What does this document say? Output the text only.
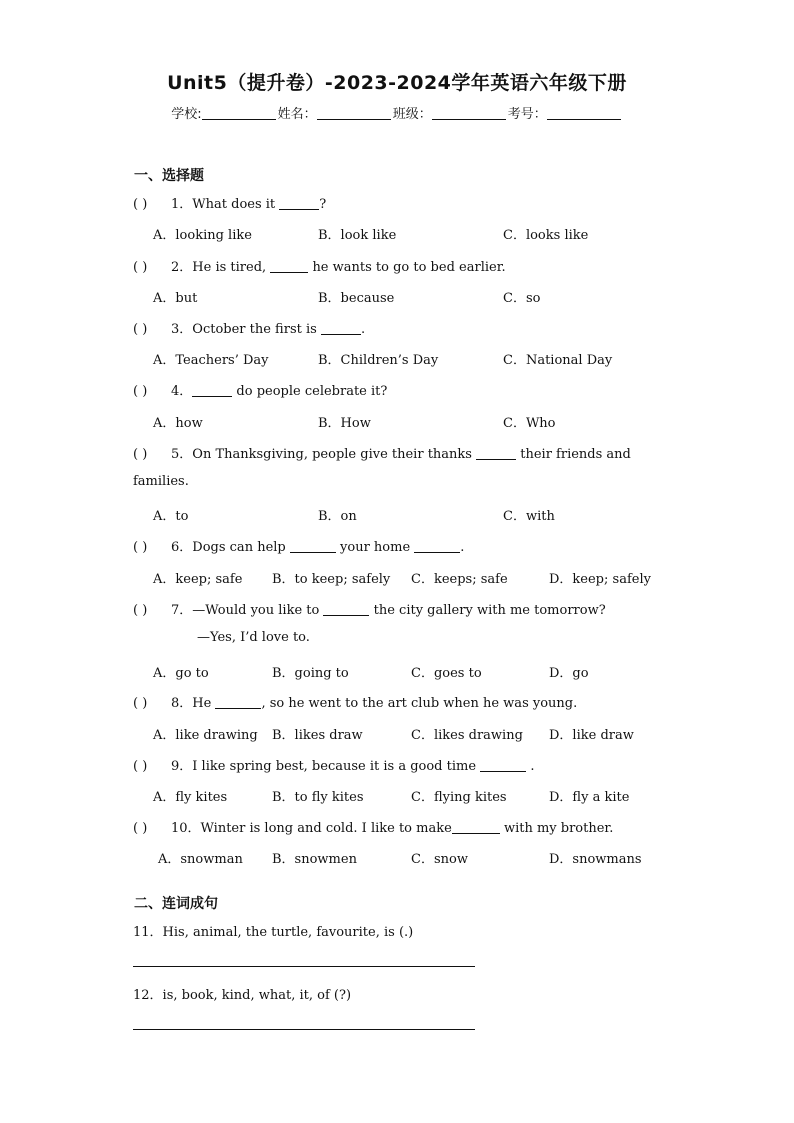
Unit5（提升卷）-2023-2024学年英语六年级下册
学校:	姓名：	班级：	考号：
一、选择题
( ) 1．What does it	?
A．looking like	B．look like	C．looks like
( ) 2．He is tired,	he wants to go to bed earlier.
A．but	B．because	C．so
( ) 3．October the first is	.
A．Teachers’ Day	B．Children’s Day	C．National Day
( ) 4．	do people celebrate it?
A．how	B．How	C．Who
( ) 5．On Thanksgiving, people give their thanks	their friends and
families.
A．to	B．on	C．with
( ) 6．Dogs can help	your home	.
A．keep; safe B．to keep; safely C．keeps; safe	D．keep; safely
( ) 7．—Would you like to	the city gallery with me tomorrow?
—Yes, I’d love to.
A．go to	B．going to	C．goes to	D．go
( ) 8．He	, so he went to the art club when he was young.
A．like drawing B．likes draw	C．likes drawing D．like draw
( ) 9．I like spring best, because it is a good time	.
A．fly kites	B．to fly kites	C．flying kites	D．fly a kite
( ) 10．Winter is long and cold. I like to make	with my brother.
A．snowman B．snowmen	C．snow	D．snowmans
二、连词成句
11．His, animal, the turtle, favourite, is (.)
12．is, book, kind, what, it, of (?)
